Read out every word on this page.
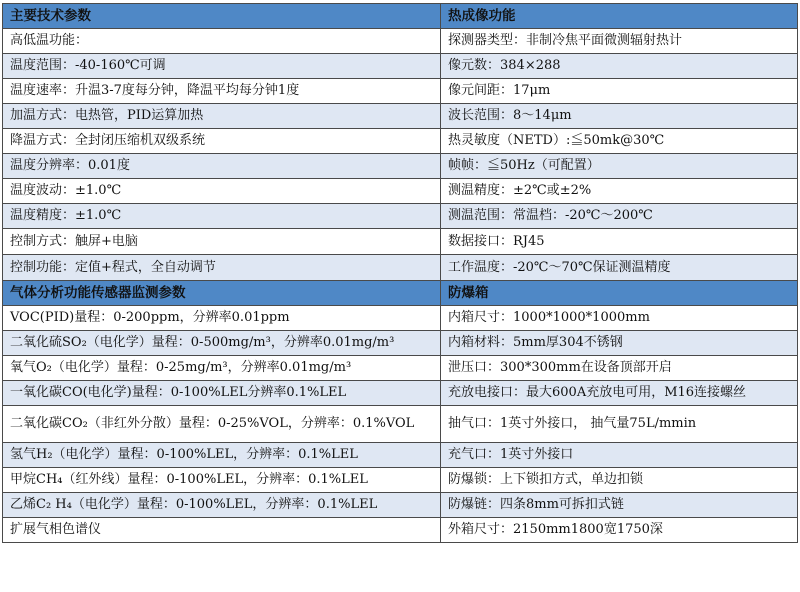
主要技术参数	热成像功能
高低温功能：	探测器类型：非制冷焦平面微测辐射热计
温度范围：-40-160℃可调	像元数：384×288
温度速率：升温3-7度每分钟，降温平均每分钟1度	像元间距：17μm
加温方式：电热管，PID运算加热	波长范围：8～14μm
降温方式：全封闭压缩机双级系统	热灵敏度（NETD）:≦50mk@30℃
温度分辨率：0.01度	帧帧：≦50Hz（可配置）
温度波动：±1.0℃	测温精度：±2℃或±2%
温度精度：±1.0℃	测温范围：常温档：-20℃～200℃
控制方式：触屏+电脑	数据接口：RJ45
控制功能：定值+程式，全自动调节	工作温度：-20℃～70℃保证测温精度
气体分析功能传感器监测参数	防爆箱
VOC(PID)量程：0-200ppm，分辨率0.01ppm	内箱尺寸：1000*1000*1000mm
二氧化硫SO₂（电化学）量程：0-500mg/m³，分辨率0.01mg/m³	内箱材料：5mm厚304不锈钢
氧气O₂（电化学）量程：0-25mg/m³，分辨率0.01mg/m³	泄压口：300*300mm在设备顶部开启
一氧化碳CO(电化学)量程：0-100%LEL分辨率0.1%LEL	充放电接口：最大600A充放电可用，M16连接螺丝
二氧化碳CO₂（非红外分散）量程：0-25%VOL，分辨率：0.1%VOL	抽气口：1英寸外接口， 抽气量75L/mmin
氢气H₂（电化学）量程：0-100%LEL，分辨率：0.1%LEL	充气口：1英寸外接口
甲烷CH₄（红外线）量程：0-100%LEL，分辨率：0.1%LEL	防爆锁：上下锁扣方式，单边扣锁
乙烯C₂ H₄（电化学）量程：0-100%LEL，分辨率：0.1%LEL	防爆链：四条8mm可拆扣式链
扩展气相色谱仪	外箱尺寸：2150mm1800宽1750深
